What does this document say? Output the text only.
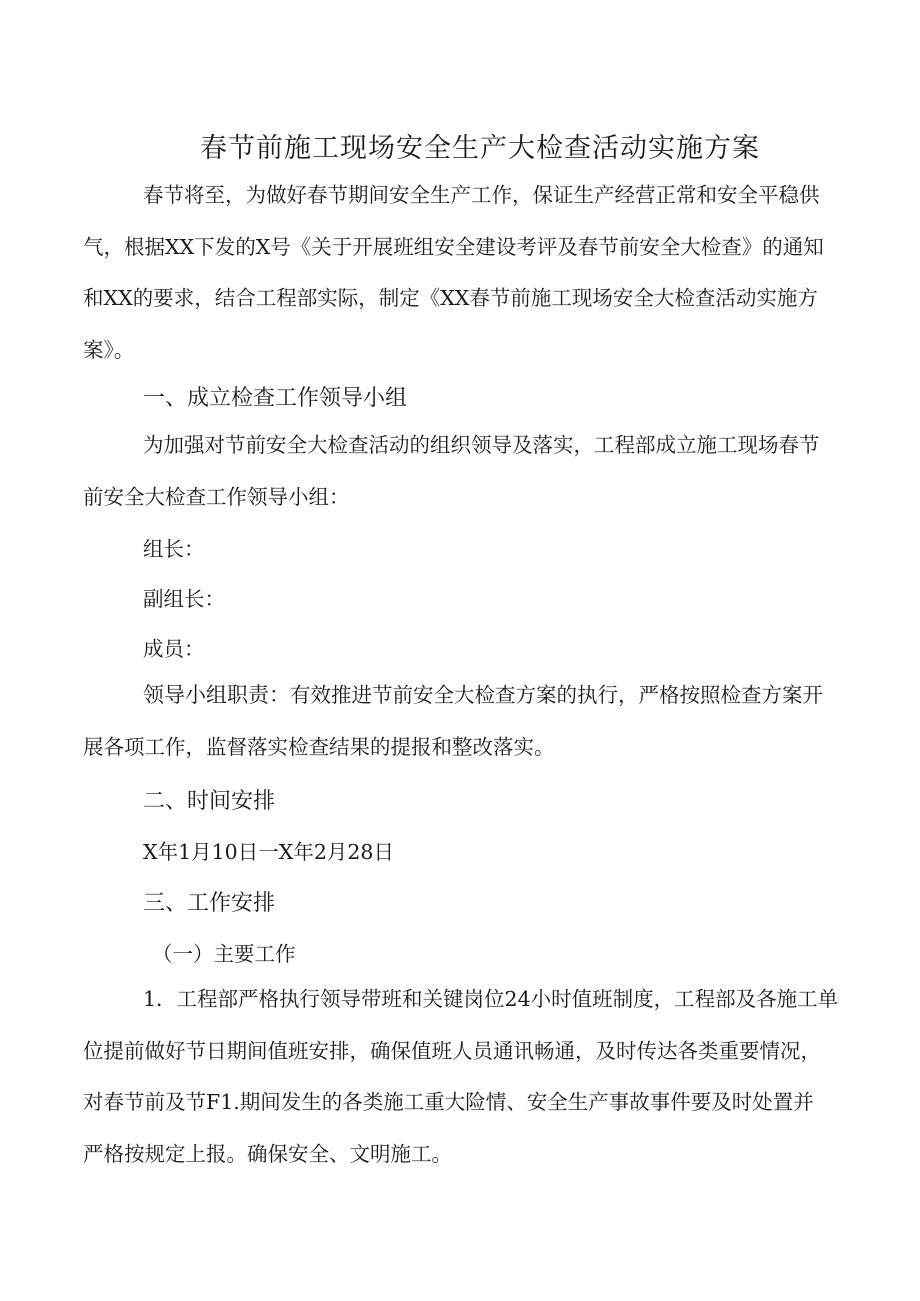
春节前施工现场安全生产大检查活动实施方案
春节将至，为做好春节期间安全生产工作，保证生产经营正常和安全平稳供
气，根据XX下发的X号《关于开展班组安全建设考评及春节前安全大检查》的通知
和XX的要求，结合工程部实际，制定《XX春节前施工现场安全大检查活动实施方
案》。
一、成立检查工作领导小组
为加强对节前安全大检查活动的组织领导及落实，工程部成立施工现场春节
前安全大检查工作领导小组：
组长：
副组长：
成员：
领导小组职责：有效推进节前安全大检查方案的执行，严格按照检查方案开
展各项工作，监督落实检查结果的提报和整改落实。
二、时间安排
X年1月10日一X年2月28日
三、工作安排
（一）主要工作
1．工程部严格执行领导带班和关键岗位24小时值班制度，工程部及各施工单
位提前做好节日期间值班安排，确保值班人员通讯畅通，及时传达各类重要情况，
对春节前及节F1.期间发生的各类施工重大险情、安全生产事故事件要及时处置并
严格按规定上报。确保安全、文明施工。
